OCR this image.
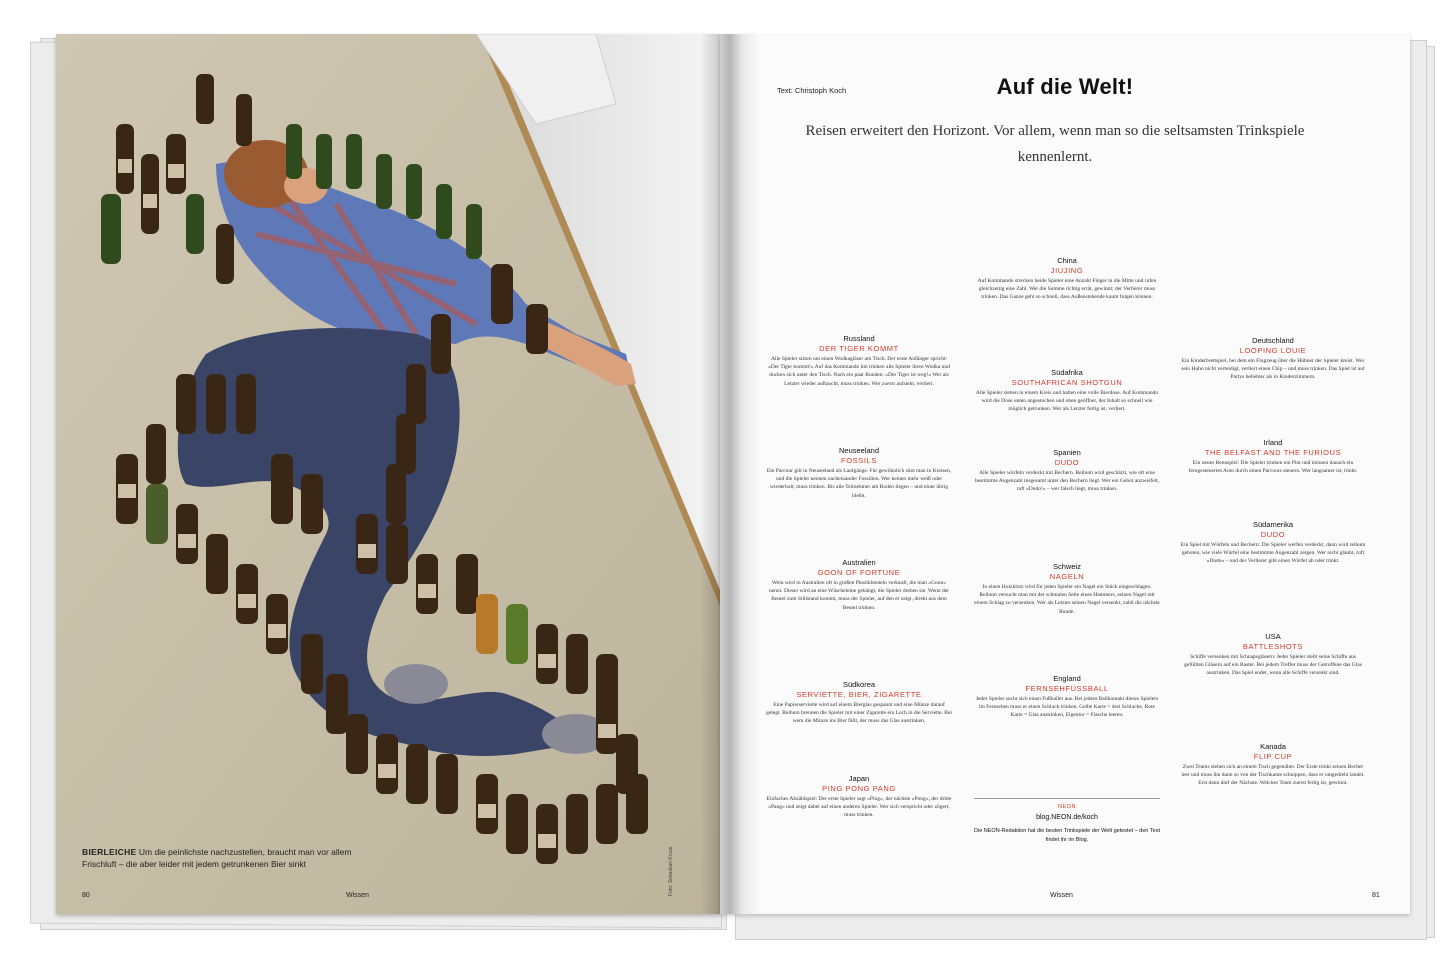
BIERLEICHE Um die peinlichste nachzustellen, braucht man vor allem Frischluft – die aber leider mit jedem getrunkenen Bier sinkt	Foto: Sebastian Kruse
80	Wissen
Text: Christoph Koch	Auf die Welt!
Reisen erweitert den Horizont. Vor allem, wenn man so die seltsamsten Trinkspiele kennenlernt.
Russland
DER TIGER KOMMT
Alle Spieler sitzen um einen Wodkagläser am Tisch. Der erste Anfänger spricht: »Der Tiger kommt!« Auf das Kommando hin trinken alle Spieler ihren Wodka und ducken sich unter den Tisch. Nach ein paar Runden: »Der Tiger ist weg!« Wer als Letzter wieder auftaucht, muss trinken. Wer zuerst aufsteht, verliert.
Neuseeland
FOSSILS
Ein Parcour gilt in Neuseeland als Laufgänge. Für gewöhnlich sitzt man in Kreisen, und die Spieler nennen nacheinander Fossilien. Wer keinen mehr weiß oder wiederholt, muss trinken. Bis alle Teilnehmer am Boden liegen – und einer übrig bleibt.
Australien
GOON OF FORTUNE
Wein wird in Australien oft in großen Plastikbeuteln verkauft, die man »Goon« nennt. Dieser wird an eine Wäscheleine gehängt, die Spieler drehen sie. Wenn der Beutel zum Stillstand kommt, muss der Spieler, auf den er zeigt, direkt aus dem Beutel trinken.
Südkorea
SERVIETTE, BIER, ZIGARETTE
Eine Papierserviette wird auf einem Bierglas gespannt und eine Münze darauf gelegt. Reihum brennen die Spieler mit einer Zigarette ein Loch in die Serviette. Bei wem die Münze ins Bier fällt, der muss das Glas austrinken.
Japan
PING PONG PANG
Einfaches Abzählspiel: Der erste Spieler sagt »Ping«, der nächste »Pong«, der dritte »Pang« und zeigt dabei auf einen anderen Spieler. Wer sich verspricht oder zögert, muss trinken.
China
JIUJING
Auf Kommando strecken beide Spieler eine Anzahl Finger in die Mitte und rufen gleichzeitig eine Zahl. Wer die Summe richtig errät, gewinnt; der Verlierer muss trinken. Das Ganze geht so schnell, dass Außenstehende kaum folgen können.
Südafrika
SOUTHAFRICAN SHOTGUN
Alle Spieler stehen in einem Kreis und halten eine volle Bierdose. Auf Kommando wird die Dose unten angestochen und oben geöffnet, der Inhalt so schnell wie möglich getrunken. Wer als Letzter fertig ist, verliert.
Spanien
DUDO
Alle Spieler würfeln verdeckt mit Bechern. Reihum wird geschätzt, wie oft eine bestimmte Augenzahl insgesamt unter den Bechern liegt. Wer ein Gebot anzweifelt, ruft »Dudo!« – wer falsch liegt, muss trinken.
Schweiz
NAGELN
In einen Holzklotz wird für jeden Spieler ein Nagel ein Stück eingeschlagen. Reihum versucht man mit der schmalen Seite eines Hammers, seinen Nagel mit einem Schlag zu versenken. Wer als Letzter seinen Nagel versenkt, zahlt die nächste Runde.
England
FERNSEHFUSSBALL
Jeder Spieler sucht sich einen Fußballer aus. Bei jedem Ballkontakt dieses Spielers im Fernsehen muss er einen Schluck trinken. Gelbe Karte = drei Schlucke, Rote Karte = Glas austrinken, Eigentor = Flasche leeren.
NEON
blog.NEON.de/koch
Die NEON-Redaktion hat die besten Trinkspiele der Welt getestet – den Test findet ihr im Blog.
Deutschland
LOOPING LOUIE
Ein Kinderbrettspiel, bei dem ein Flugzeug über die Hühner der Spieler kreist. Wer sein Huhn nicht verteidigt, verliert einen Chip – und muss trinken. Das Spiel ist auf Partys beliebter als in Kinderzimmern.
Irland
THE BELFAST AND THE FURIOUS
Ein neues Rennspiel: Die Spieler trinken ein Pint und müssen danach ein ferngesteuertes Auto durch einen Parcours steuern. Wer langsamer ist, trinkt.
Südamerika
DUDO
Ein Spiel mit Würfeln und Bechern: Die Spieler werfen verdeckt, dann wird reihum geboten, wie viele Würfel eine bestimmte Augenzahl zeigen. Wer nicht glaubt, ruft »Dudo« – und der Verlierer gibt einen Würfel ab oder trinkt.
USA
BATTLESHOTS
Schiffe versenken mit Schnapsgläsern: Jeder Spieler stellt seine Schiffe aus gefüllten Gläsern auf ein Raster. Bei jedem Treffer muss der Getroffene das Glas austrinken. Das Spiel endet, wenn alle Schiffe versenkt sind.
Kanada
FLIP CUP
Zwei Teams stehen sich an einem Tisch gegenüber. Der Erste trinkt seinen Becher leer und muss ihn dann so von der Tischkante schnippen, dass er umgedreht landet. Erst dann darf der Nächste. Welches Team zuerst fertig ist, gewinnt.
Wissen	81
